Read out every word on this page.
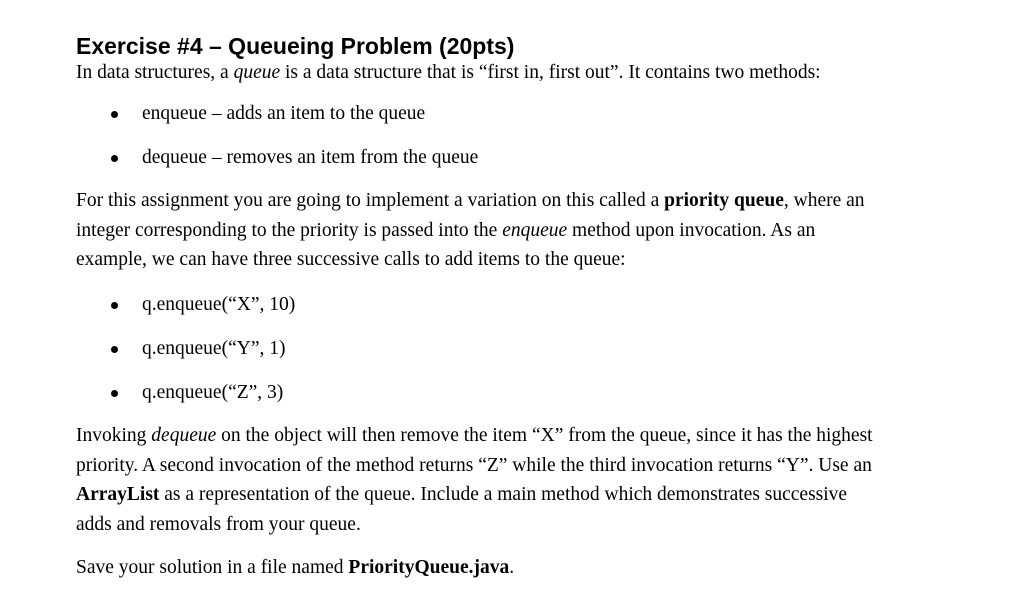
Exercise #4 – Queueing Problem (20pts)

In data structures, a queue is a data structure that is “first in, first out”. It contains two methods:

enqueue – adds an item to the queue
dequeue – removes an item from the queue

For this assignment you are going to implement a variation on this called a priority queue, where an
integer corresponding to the priority is passed into the enqueue method upon invocation. As an
example, we can have three successive calls to add items to the queue:

q.enqueue(“X”, 10)
q.enqueue(“Y”, 1)
q.enqueue(“Z”, 3)

Invoking dequeue on the object will then remove the item “X” from the queue, since it has the highest
priority. A second invocation of the method returns “Z” while the third invocation returns “Y”. Use an
ArrayList as a representation of the queue. Include a main method which demonstrates successive
adds and removals from your queue.

Save your solution in a file named PriorityQueue.java.
